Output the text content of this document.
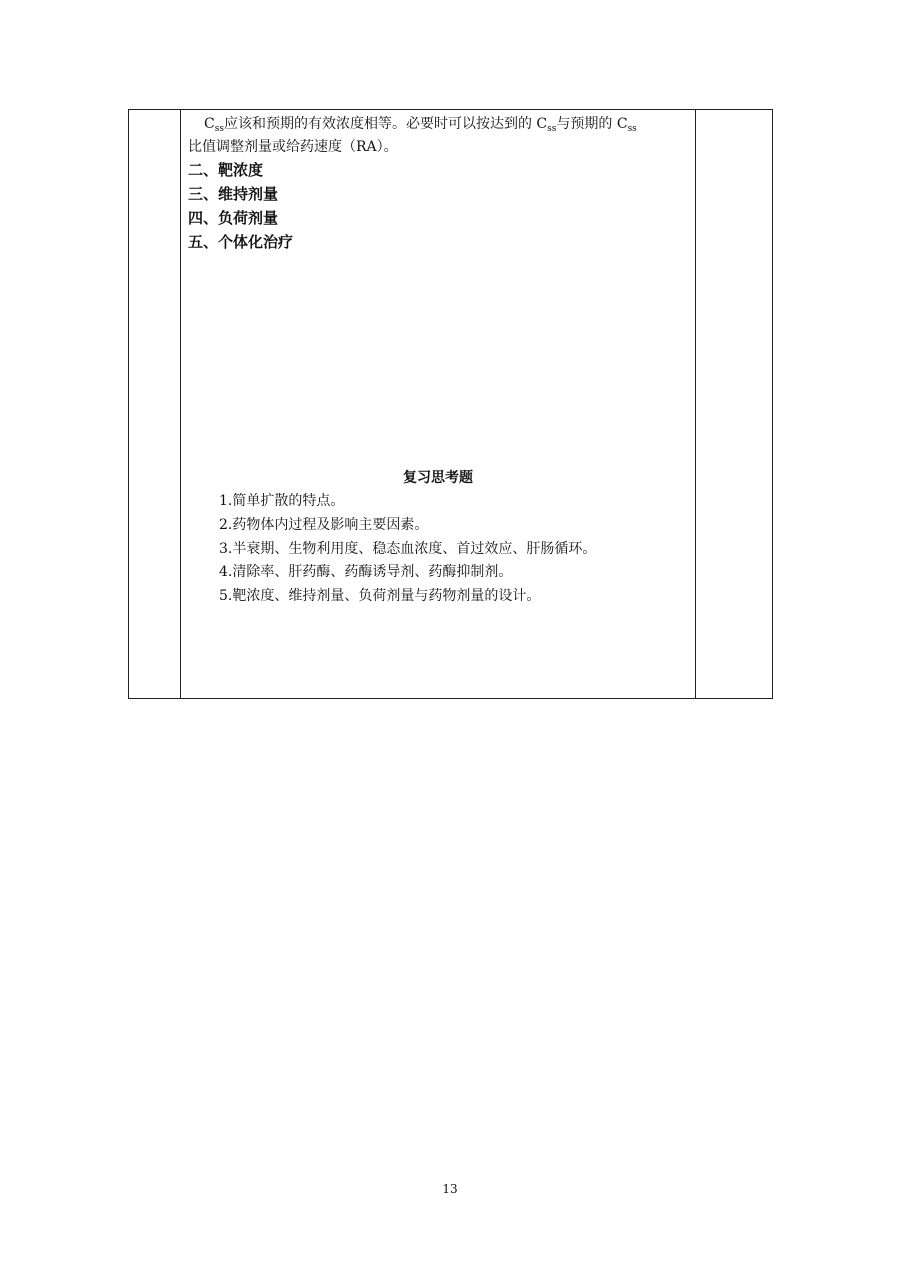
$C_{ss}$应该和预期的有效浓度相等。必要时可以按达到的 $C_{ss}$与预期的 $C_{ss}$
比值调整剂量或给药速度（RA）。
二、靶浓度
三、维持剂量
四、负荷剂量
五、个体化治疗
复习思考题
1.简单扩散的特点。
2.药物体内过程及影响主要因素。
3.半衰期、生物利用度、稳态血浓度、首过效应、肝肠循环。
4.清除率、肝药酶、药酶诱导剂、药酶抑制剂。
5.靶浓度、维持剂量、负荷剂量与药物剂量的设计。
13
